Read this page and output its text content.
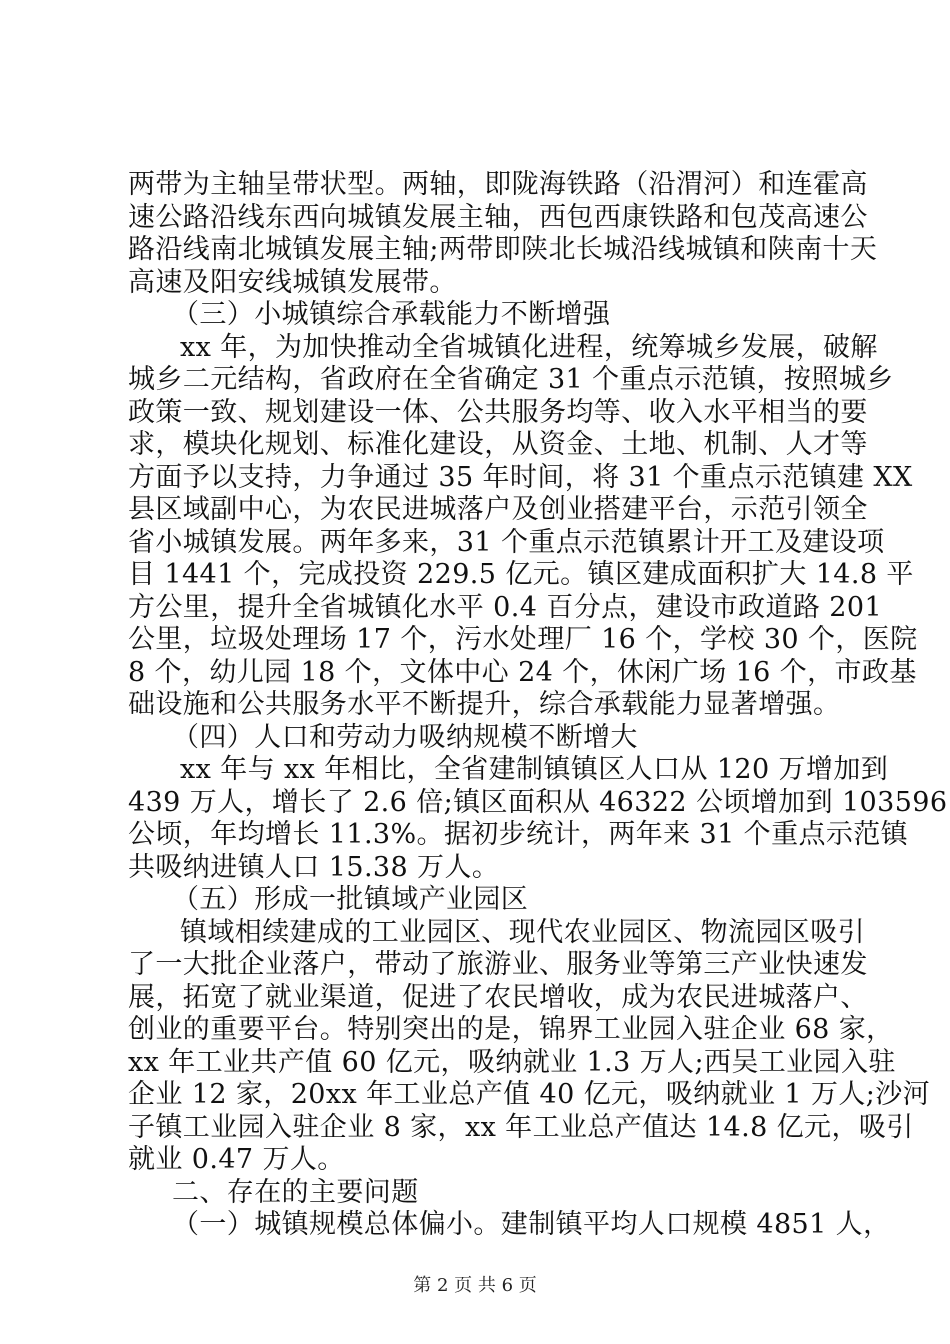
两带为主轴呈带状型。两轴，即陇海铁路（沿渭河）和连霍高
速公路沿线东西向城镇发展主轴，西包西康铁路和包茂高速公
路沿线南北城镇发展主轴;两带即陕北长城沿线城镇和陕南十天
高速及阳安线城镇发展带。
（三）小城镇综合承载能力不断增强
xx 年，为加快推动全省城镇化进程，统筹城乡发展，破解
城乡二元结构，省政府在全省确定 31 个重点示范镇，按照城乡
政策一致、规划建设一体、公共服务均等、收入水平相当的要
求，模块化规划、标准化建设，从资金、土地、机制、人才等
方面予以支持，力争通过 35 年时间，将 31 个重点示范镇建 XX
县区域副中心，为农民进城落户及创业搭建平台，示范引领全
省小城镇发展。两年多来，31 个重点示范镇累计开工及建设项
目 1441 个，完成投资 229.5 亿元。镇区建成面积扩大 14.8 平
方公里，提升全省城镇化水平 0.4 百分点，建设市政道路 201
公里，垃圾处理场 17 个，污水处理厂 16 个，学校 30 个，医院
8 个，幼儿园 18 个，文体中心 24 个，休闲广场 16 个，市政基
础设施和公共服务水平不断提升，综合承载能力显著增强。
（四）人口和劳动力吸纳规模不断增大
xx 年与 xx 年相比，全省建制镇镇区人口从 120 万增加到
439 万人，增长了 2.6 倍;镇区面积从 46322 公顷增加到 103596
公顷，年均增长 11.3%。据初步统计，两年来 31 个重点示范镇
共吸纳进镇人口 15.38 万人。
（五）形成一批镇域产业园区
镇域相续建成的工业园区、现代农业园区、物流园区吸引
了一大批企业落户，带动了旅游业、服务业等第三产业快速发
展，拓宽了就业渠道，促进了农民增收，成为农民进城落户、
创业的重要平台。特别突出的是，锦界工业园入驻企业 68 家，
xx 年工业共产值 60 亿元，吸纳就业 1.3 万人;西吴工业园入驻
企业 12 家，20xx 年工业总产值 40 亿元，吸纳就业 1 万人;沙河
子镇工业园入驻企业 8 家，xx 年工业总产值达 14.8 亿元，吸引
就业 0.47 万人。
二、存在的主要问题
（一）城镇规模总体偏小。建制镇平均人口规模 4851 人，
第 2 页 共 6 页
